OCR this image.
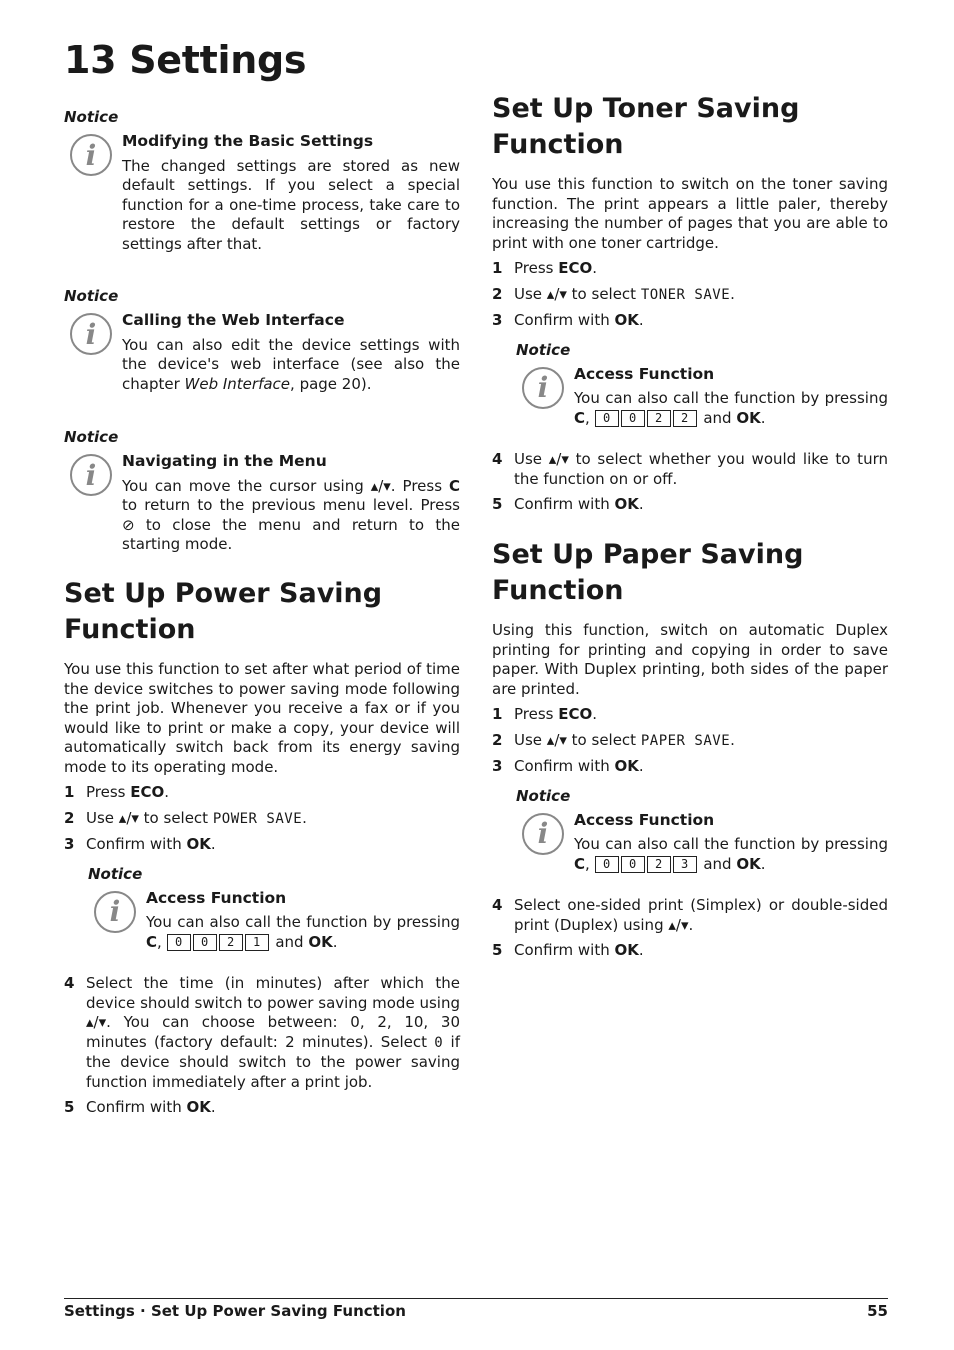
13 Settings
EN
Notice
i	Modifying the Basic Settings
The changed settings are stored as new default settings. If you select a special function for a one-time process, take care to restore the default settings or factory settings after that.
Notice
i	Calling the Web Interface
You can also edit the device settings with the device's web interface (see also the chapter Web Interface, page 20).
Notice
i	Navigating in the Menu
You can move the cursor using ▴/▾. Press C to return to the previous menu level. Press ⊘ to close the menu and return to the starting mode.
Set Up Power Saving Function

You use this function to set after what period of time the device switches to power saving mode following the print job. Whenever you receive a fax or if you would like to print or make a copy, your device will automatically switch back from its energy saving mode to its operating mode.

1 Press ECO.
2 Use ▴/▾ to select POWER SAVE.
3 Confirm with OK.
Notice
i	Access Function
You can also call the function by pressing C, 0 0 2 1 and OK.
4 Select the time (in minutes) after which the device should switch to power saving mode using ▴/▾. You can choose between: 0, 2, 10, 30 minutes (factory default: 2 minutes). Select 0 if the device should switch to the power saving function immediately after a print job.
5 Confirm with OK.
Set Up Toner Saving Function

You use this function to switch on the toner saving function. The print appears a little paler, thereby increasing the number of pages that you are able to print with one toner cartridge.

1 Press ECO.
2 Use ▴/▾ to select TONER SAVE.
3 Confirm with OK.
Notice
i	Access Function
You can also call the function by pressing C, 0 0 2 2 and OK.
4 Use ▴/▾ to select whether you would like to turn the function on or off.
5 Confirm with OK.
Set Up Paper Saving Function

Using this function, switch on automatic Duplex printing for printing and copying in order to save paper. With Duplex printing, both sides of the paper are printed.

1 Press ECO.
2 Use ▴/▾ to select PAPER SAVE.
3 Confirm with OK.
Notice
i	Access Function
You can also call the function by pressing C, 0 0 2 3 and OK.
4 Select one-sided print (Simplex) or double-sided print (Duplex) using ▴/▾.
5 Confirm with OK.
Settings · Set Up Power Saving Function	55
